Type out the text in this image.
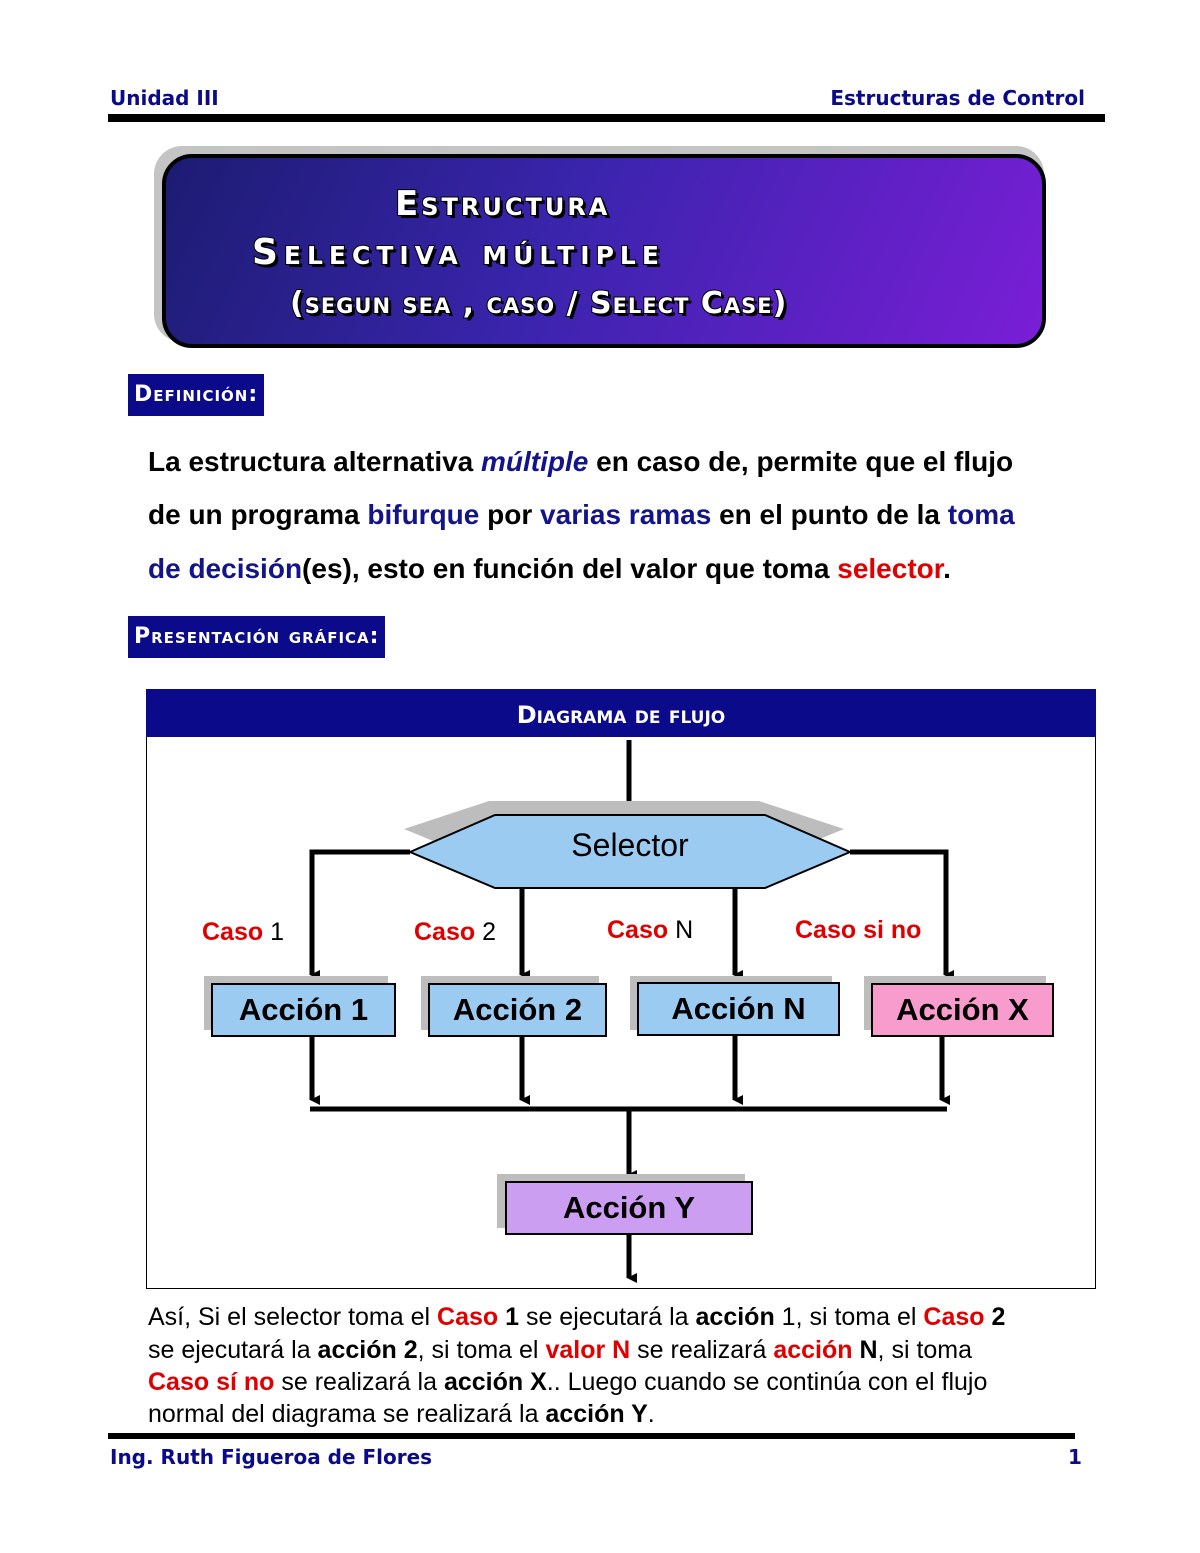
Unidad III	Estructuras de Control
Estructura
Selectiva múltiple
(segun sea , caso / Select Case)
Definición:
La estructura alternativa múltiple en caso de, permite que el flujo
de un programa bifurque por varias ramas en el punto de la toma
de decisión(es), esto en función del valor que toma selector.
Presentación gráfica:
Diagrama de flujo
Selector
Caso 1	Caso 2	Caso N	Caso si no
Acción 1	Acción 2	Acción N	Acción X
Acción Y
Así, Si el selector toma el Caso 1 se ejecutará la acción 1, si toma el Caso 2
se ejecutará la acción 2, si toma el valor N se realizará acción N, si toma
Caso sí no se realizará la acción X.. Luego cuando se continúa con el flujo
normal del diagrama se realizará la acción Y.
Ing. Ruth Figueroa de Flores	1
